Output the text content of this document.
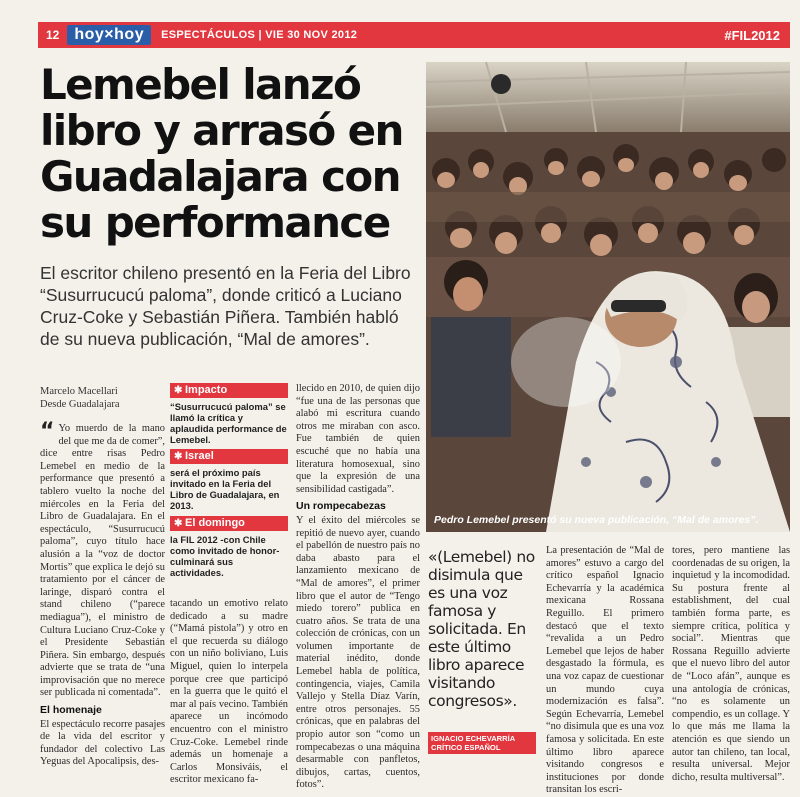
12 hoy×hoy	ESPECTÁCULOS | VIE 30 NOV 2012	#FIL2012
Lemebel lanzó libro y arrasó en Guadalajara con su performance

El escritor chileno presentó en la Feria del Libro “Susurrucucú paloma”, donde criticó a Luciano Cruz-Coke y Sebastián Piñera. También habló de su nueva publicación, “Mal de amores”.

Pedro Lemebel presentó su nueva publicación, “Mal de amores”.
Marcelo Macellari
Desde Guadalajara
“ Yo muerdo de la mano del que me da de comer”, dice entre risas Pedro Lemebel en medio de la performance que presentó a tablero vuelto la noche del miércoles en la Feria del Libro de Guadalajara. En el espectáculo, “Susurrucucú paloma”, cuyo título hace alusión a la “voz de doctor Mortis” que explica le dejó su tratamiento por el cáncer de laringe, disparó contra el stand chileno (“parece mediagua”), el ministro de Cultura Luciano Cruz-Coke y el Presidente Sebastián Piñera. Sin embargo, después advierte que se trata de “una improvisación que no merece ser publicada ni comentada”.

El homenaje

El espectáculo recorre pasajes de la vida del escritor y fundador del colectivo Las Yeguas del Apocalipsis, des-

✱ Impacto
“Susurrucucú paloma” se llamó la crítica y aplaudida performance de Lemebel.
✱ Israel
será el próximo país invitado en la Feria del Libro de Guadalajara, en 2013.
✱ El domingo
la FIL 2012 -con Chile como invitado de honor- culminará sus actividades.

tacando un emotivo relato dedicado a su madre (“Mamá pistola”) y otro en el que recuerda su diálogo con un niño boliviano, Luis Miguel, quien lo interpela porque cree que participó en la guerra que le quitó el mar al país vecino. También aparece un incómodo encuentro con el ministro Cruz-Coke. Lemebel rinde además un homenaje a Carlos Monsiváis, el escritor mexicano fa-

llecido en 2010, de quien dijo “fue una de las personas que alabó mi escritura cuando otros me miraban con asco. Fue también de quien escuché que no había una literatura homosexual, sino que la expresión de una sensibilidad castigada”.

Un rompecabezas

Y el éxito del miércoles se repitió de nuevo ayer, cuando el pabellón de nuestro país no daba abasto para el lanzamiento mexicano de “Mal de amores”, el primer libro que el autor de “Tengo miedo torero” publica en cuatro años. Se trata de una colección de crónicas, con un volumen importante de material inédito, donde Lemebel habla de política, contingencia, viajes, Camila Vallejo y Stella Díaz Varín, entre otros personajes. 55 crónicas, que en palabras del propio autor son “como un rompecabezas o una máquina desarmable con panfletos, dibujos, cartas, cuentos, fotos”.

«(Lemebel) no disimula que es una voz famosa y solicitada. En este último libro aparece visitando congresos».
IGNACIO ECHEVARRÍA CRÍTICO ESPAÑOL

La presentación de “Mal de amores” estuvo a cargo del crítico español Ignacio Echevarría y la académica mexicana Rossana Reguillo. El primero destacó que el texto “revalida a un Pedro Lemebel que lejos de haber desgastado la fórmula, es una voz capaz de cuestionar un mundo cuya modernización es falsa”. Según Echevarría, Lemebel “no disimula que es una voz famosa y solicitada. En este último libro aparece visitando congresos e instituciones por donde transitan los escri-

tores, pero mantiene las coordenadas de su origen, la inquietud y la incomodidad. Su postura frente al establishment, del cual también forma parte, es siempre crítica, política y social”. Mientras que Rossana Reguillo advierte que el nuevo libro del autor de “Loco afán”, aunque es una antología de crónicas, “no es solamente un compendio, es un collage. Y lo que más me llama la atención es que siendo un autor tan chileno, tan local, resulta universal. Mejor dicho, resulta multiversal”.
